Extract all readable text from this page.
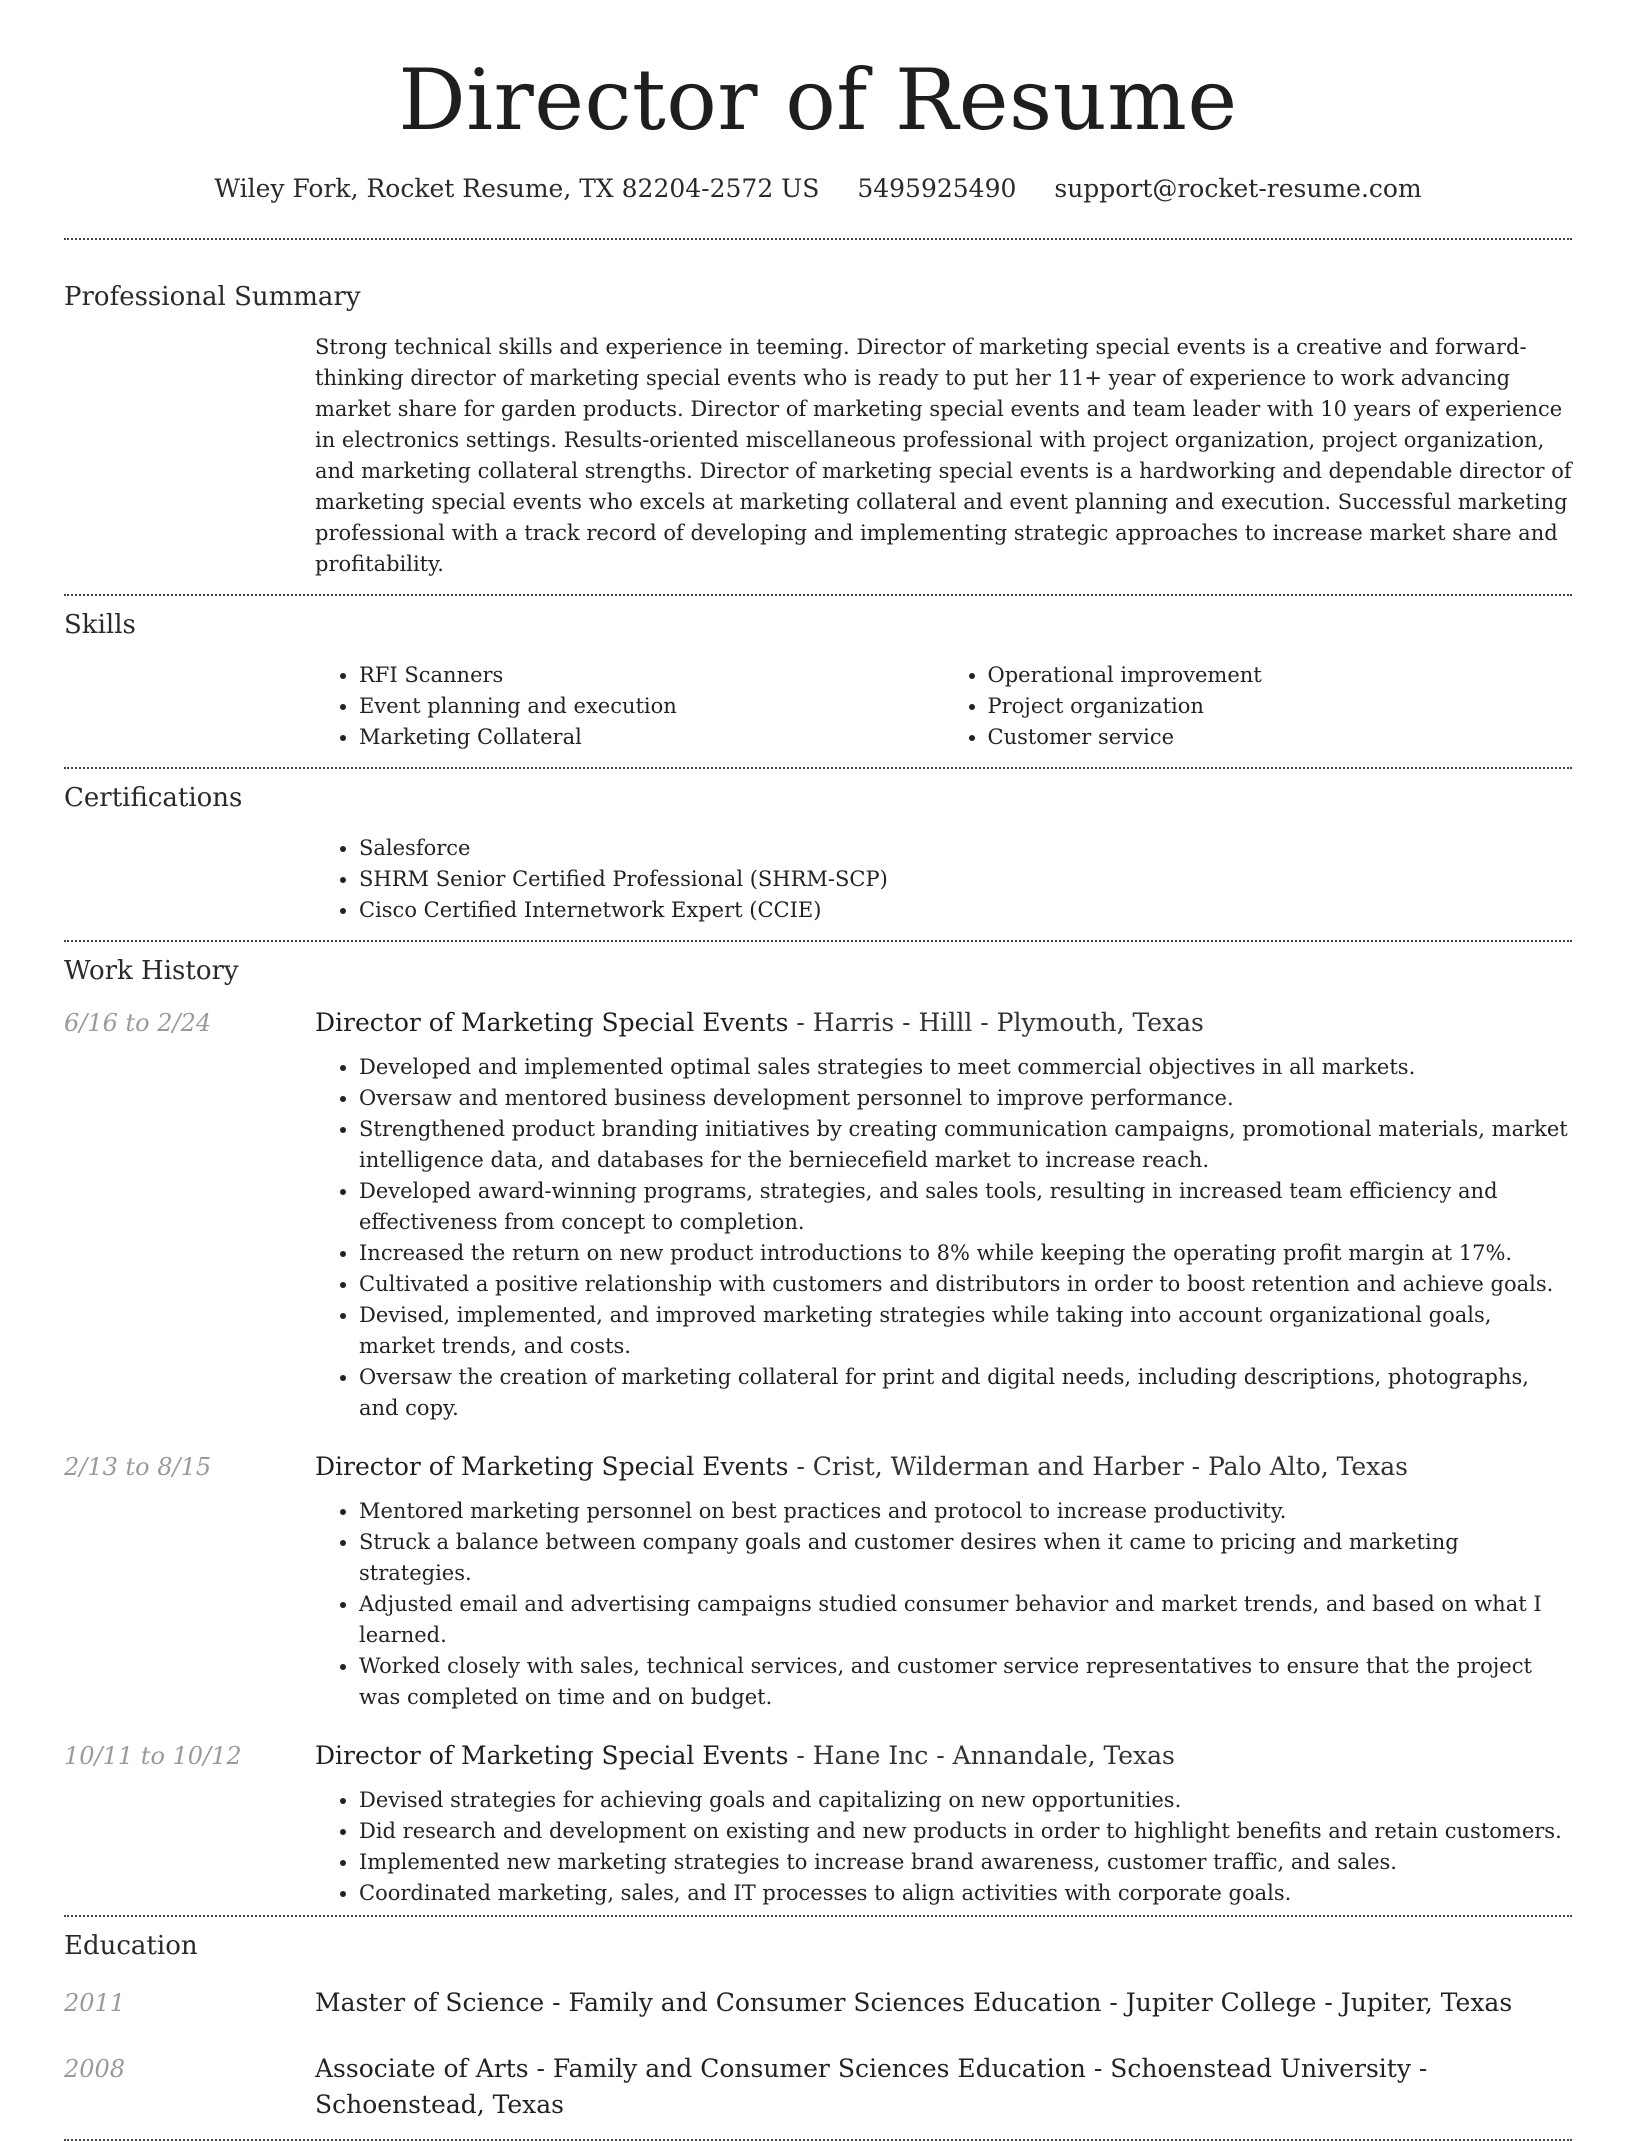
Director of Resume
Wiley Fork, Rocket Resume, TX 82204-2572 US 5495925490 support@rocket-resume.com
Professional Summary

Strong technical skills and experience in teeming. Director of marketing special events is a creative and forward-thinking director of marketing special events who is ready to put her 11+ year of experience to work advancing market share for garden products. Director of marketing special events and team leader with 10 years of experience in electronics settings. Results-oriented miscellaneous professional with project organization, project organization, and marketing collateral strengths. Director of marketing special events is a hardworking and dependable director of marketing special events who excels at marketing collateral and event planning and execution. Successful marketing professional with a track record of developing and implementing strategic approaches to increase market share and profitability.

Skills
• RFI Scanners
• Event planning and execution
• Marketing Collateral
• Operational improvement
• Project organization
• Customer service
Certifications
• Salesforce
• SHRM Senior Certified Professional (SHRM-SCP)
• Cisco Certified Internetwork Expert (CCIE)
Work History
6/16 to 2/24	Director of Marketing Special Events - Harris - Hilll - Plymouth, Texas
• Developed and implemented optimal sales strategies to meet commercial objectives in all markets.
• Oversaw and mentored business development personnel to improve performance.
• Strengthened product branding initiatives by creating communication campaigns, promotional materials, market intelligence data, and databases for the berniecefield market to increase reach.
• Developed award-winning programs, strategies, and sales tools, resulting in increased team efficiency and effectiveness from concept to completion.
• Increased the return on new product introductions to 8% while keeping the operating profit margin at 17%.
• Cultivated a positive relationship with customers and distributors in order to boost retention and achieve goals.
• Devised, implemented, and improved marketing strategies while taking into account organizational goals, market trends, and costs.
• Oversaw the creation of marketing collateral for print and digital needs, including descriptions, photographs, and copy.
2/13 to 8/15	Director of Marketing Special Events - Crist, Wilderman and Harber - Palo Alto, Texas
• Mentored marketing personnel on best practices and protocol to increase productivity.
• Struck a balance between company goals and customer desires when it came to pricing and marketing strategies.
• Adjusted email and advertising campaigns studied consumer behavior and market trends, and based on what I learned.
• Worked closely with sales, technical services, and customer service representatives to ensure that the project was completed on time and on budget.
10/11 to 10/12	Director of Marketing Special Events - Hane Inc - Annandale, Texas
• Devised strategies for achieving goals and capitalizing on new opportunities.
• Did research and development on existing and new products in order to highlight benefits and retain customers.
• Implemented new marketing strategies to increase brand awareness, customer traffic, and sales.
• Coordinated marketing, sales, and IT processes to align activities with corporate goals.
Education
2011	Master of Science - Family and Consumer Sciences Education - Jupiter College - Jupiter, Texas
2008	Associate of Arts - Family and Consumer Sciences Education - Schoenstead University - Schoenstead, Texas
